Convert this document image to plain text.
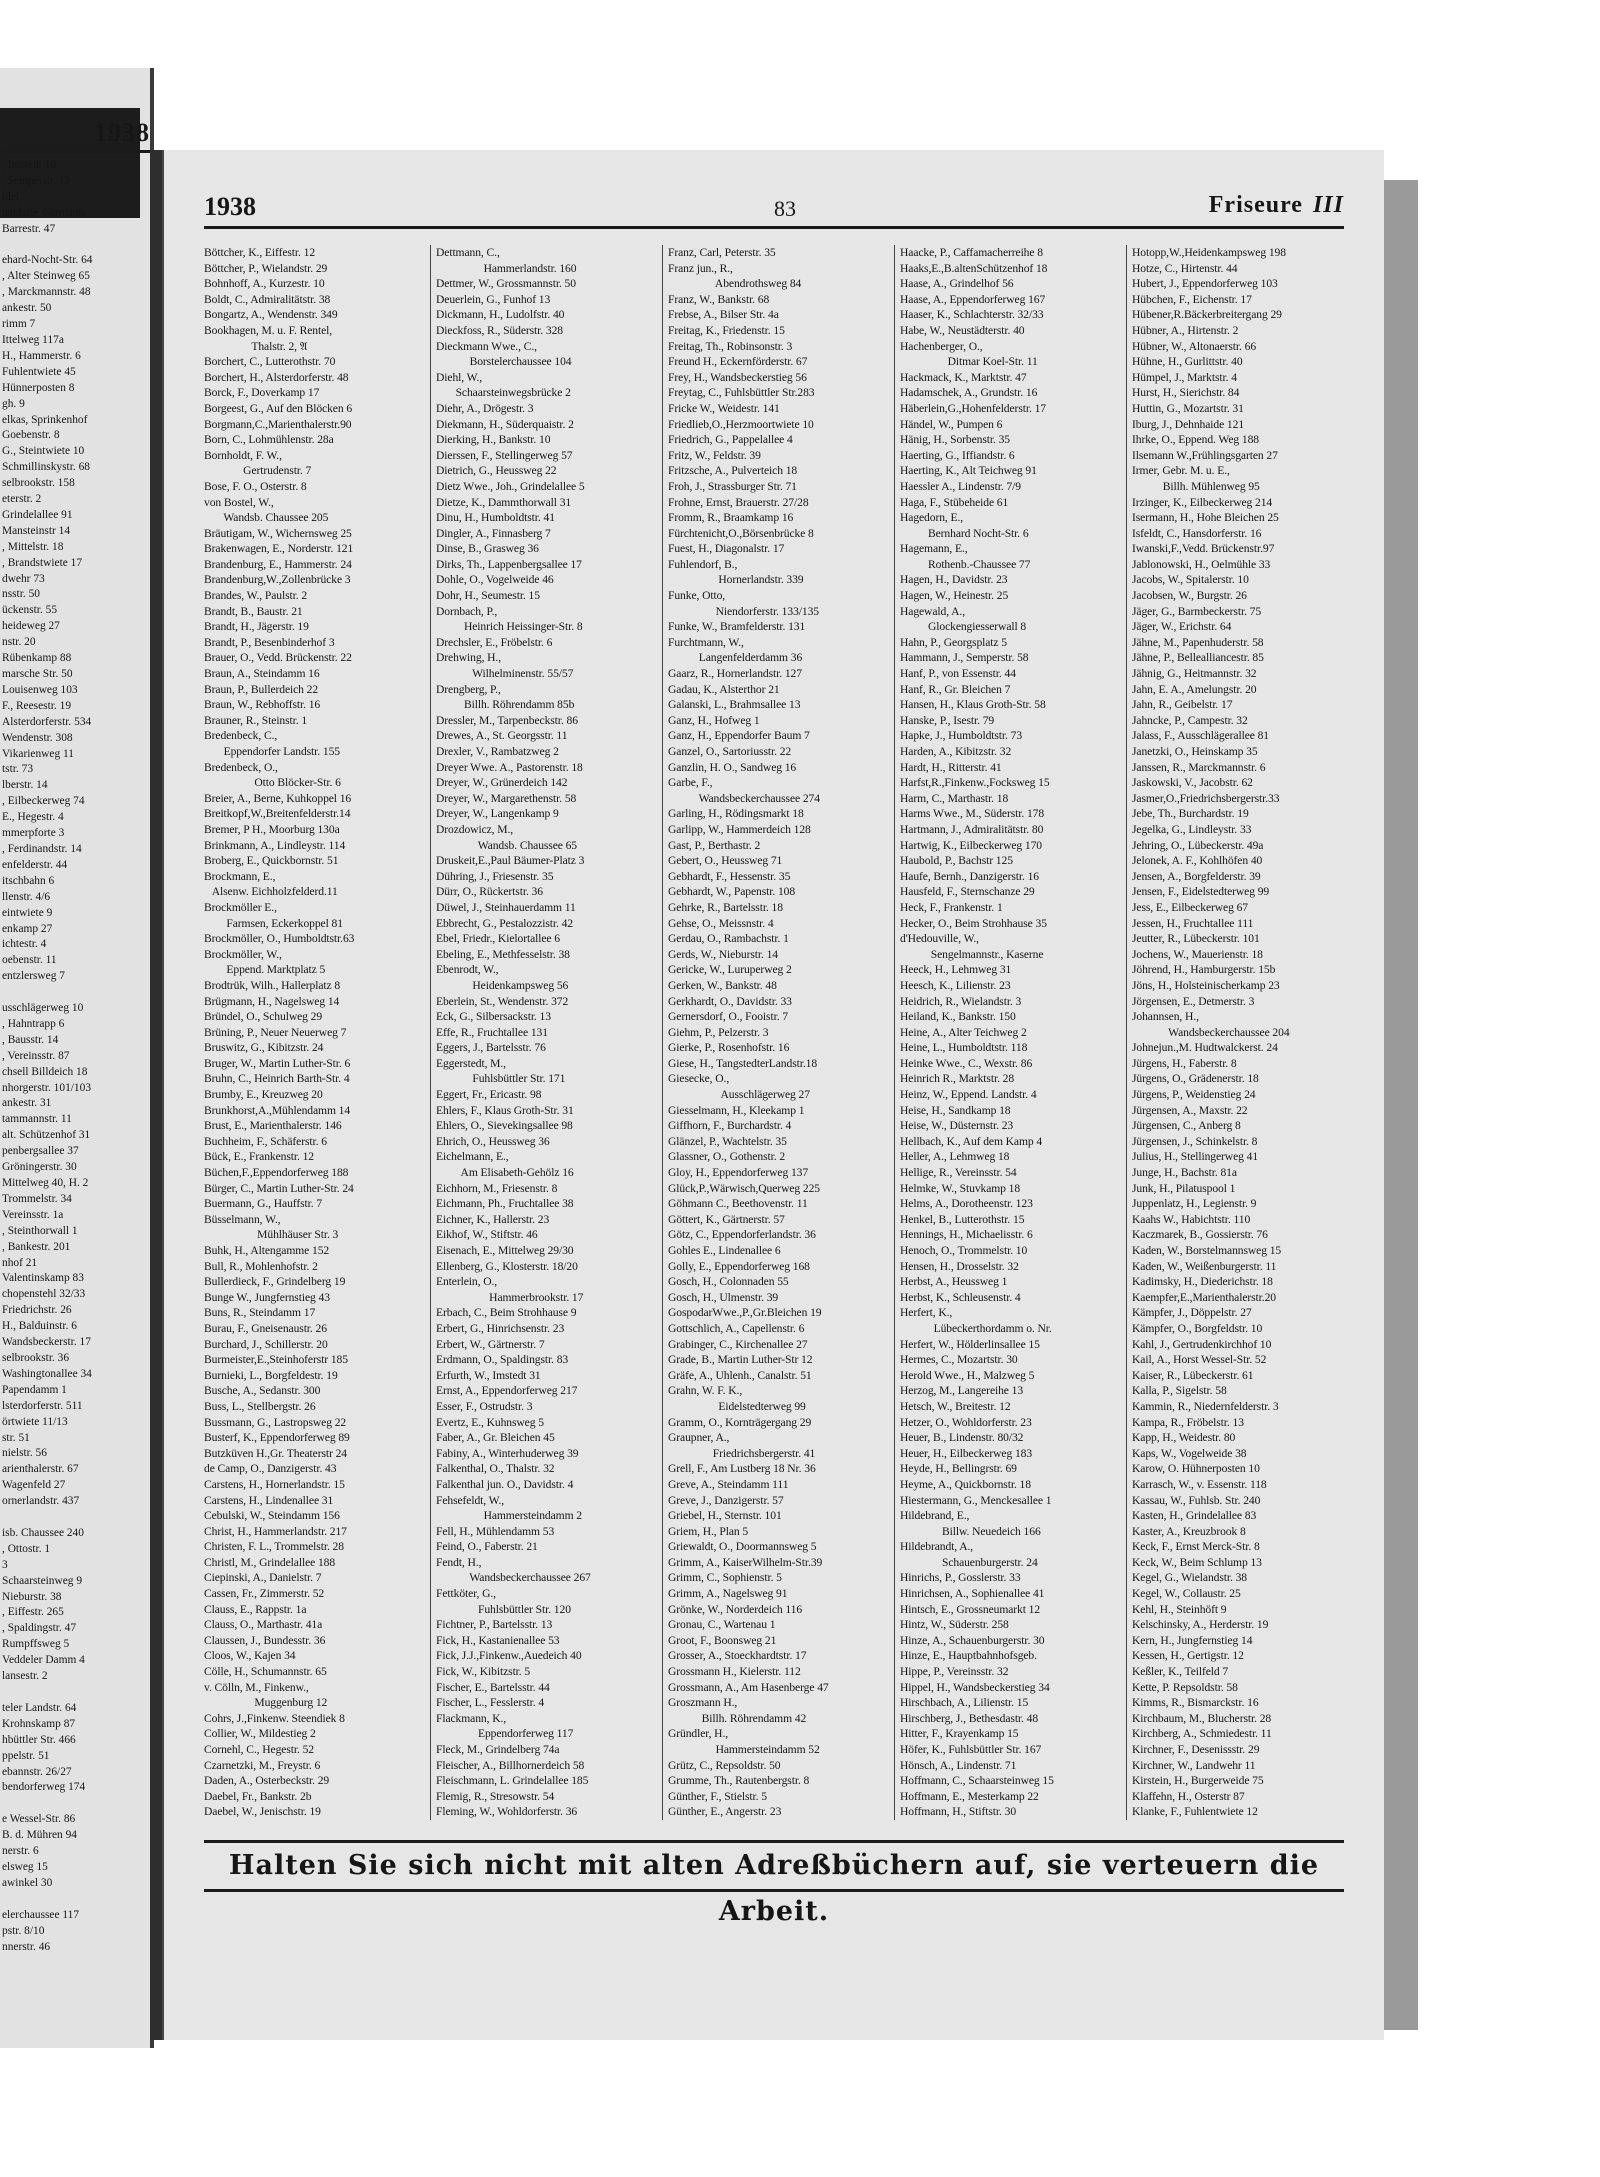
1938
, Imstedt 10
, Semperstr. 12
idel,
tandarte Germania
Barrestr. 47

ehard-Nocht-Str. 64
, Alter Steinweg 65
, Marckmannstr. 48
ankestr. 50
rimm 7
Ittelweg 117a
H., Hammerstr. 6
Fuhlentwiete 45
Hünnerposten 8
gh. 9
elkas, Sprinkenhof
Goebenstr. 8
G., Steintwiete 10
Schmillinskystr. 68
selbrookstr. 158
eterstr. 2
Grindelallee 91
Mansteinstr 14
, Mittelstr. 18
, Brandstwiete 17
dwehr 73
nsstr. 50
ückenstr. 55
heideweg 27
nstr. 20
Rübenkamp 88
marsche Str. 50
Louisenweg 103
F., Reesestr. 19
Alsterdorferstr. 534
Wendenstr. 308
Vikarienweg 11
tstr. 73
lberstr. 14
, Eilbeckerweg 74
E., Hegestr. 4
mmerpforte 3
, Ferdinandstr. 14
enfelderstr. 44
itschbahn 6
llenstr. 4/6
eintwiete 9
enkamp 27
ichtestr. 4
oebenstr. 11
entzlersweg 7

usschlägerweg 10
, Hahntrapp 6
, Bausstr. 14
, Vereinsstr. 87
chsell Billdeich 18
nhorgerstr. 101/103
ankestr. 31
tammannstr. 11
alt. Schützenhof 31
penbergsallee 37
Gröningerstr. 30
Mittelweg 40, H. 2
Trommelstr. 34
Vereinsstr. 1a
, Steinthorwall 1
, Bankestr. 201
nhof 21
Valentinskamp 83
chopenstehl 32/33
Friedrichstr. 26
H., Balduinstr. 6
Wandsbeckerstr. 17
selbrookstr. 36
Washingtonallee 34
Papendamm 1
lsterdorferstr. 511
örtwiete 11/13
str. 51
nielstr. 56
arienthalerstr. 67
Wagenfeld 27
ornerlandstr. 437

isb. Chaussee 240
, Ottostr. 1
3
Schaarsteinweg 9
Nieburstr. 38
, Eiffestr. 265
, Spaldingstr. 47
Rumpffsweg 5
Veddeler Damm 4
lansestr. 2

teler Landstr. 64
Krohnskamp 87
hbüttler Str. 466
ppelstr. 51
ebannstr. 26/27
bendorferweg 174

e Wessel-Str. 86
B. d. Mühren 94
nerstr. 6
elsweg 15
awinkel 30

elerchaussee 117
pstr. 8/10
nnerstr. 46
1938	83	Friseure III
Böttcher, K., Eiffestr. 12
Böttcher, P., Wielandstr. 29
Bohnhoff, A., Kurzestr. 10
Boldt, C., Admiralitätstr. 38
Bongartz, A., Wendenstr. 349
Bookhagen, M. u. F. Rentel,
Thalstr. 2, 𝔄
Borchert, C., Lutterothstr. 70
Borchert, H., Alsterdorferstr. 48
Borck, F., Doverkamp 17
Borgeest, G., Auf den Blöcken 6
Borgmann,C.,Marienthalerstr.90
Born, C., Lohmühlenstr. 28a
Bornholdt, F. W.,
Gertrudenstr. 7
Bose, F. O., Osterstr. 8
von Bostel, W.,
Wandsb. Chaussee 205
Bräutigam, W., Wichernsweg 25
Brakenwagen, E., Norderstr. 121
Brandenburg, E., Hammerstr. 24
Brandenburg,W.,Zollenbrücke 3
Brandes, W., Paulstr. 2
Brandt, B., Baustr. 21
Brandt, H., Jägerstr. 19
Brandt, P., Besenbinderhof 3
Brauer, O., Vedd. Brückenstr. 22
Braun, A., Steindamm 16
Braun, P., Bullerdeich 22
Braun, W., Rebhoffstr. 16
Brauner, R., Steinstr. 1
Bredenbeck, C.,
Eppendorfer Landstr. 155
Bredenbeck, O.,
Otto Blöcker-Str. 6
Breier, A., Berne, Kuhkoppel 16
Breitkopf,W.,Breitenfelderstr.14
Bremer, P H., Moorburg 130a
Brinkmann, A., Lindleystr. 114
Broberg, E., Quickbornstr. 51
Brockmann, E.,
Alsenw. Eichholzfelderd.11
Brockmöller E.,
Farmsen, Eckerkoppel 81
Brockmöller, O., Humboldtstr.63
Brockmöller, W.,
Eppend. Marktplatz 5
Brodtrük, Wilh., Hallerplatz 8
Brügmann, H., Nagelsweg 14
Bründel, O., Schulweg 29
Brüning, P., Neuer Neuerweg 7
Bruswitz, G., Kibitzstr. 24
Bruger, W., Martin Luther-Str. 6
Bruhn, C., Heinrich Barth-Str. 4
Brumby, E., Kreuzweg 20
Brunkhorst,A.,Mühlendamm 14
Brust, E., Marienthalerstr. 146
Buchheim, F., Schäferstr. 6
Bück, E., Frankenstr. 12
Büchen,F.,Eppendorferweg 188
Bürger, C., Martin Luther-Str. 24
Buermann, G., Hauffstr. 7
Büsselmann, W.,
Mühlhäuser Str. 3
Buhk, H., Altengamme 152
Bull, R., Mohlenhofstr. 2
Bullerdieck, F., Grindelberg 19
Bunge W., Jungfernstieg 43
Buns, R., Steindamm 17
Burau, F., Gneisenaustr. 26
Burchard, J., Schillerstr. 20
Burmeister,E.,Steinhoferstr 185
Burnieki, L., Borgfeldestr. 19
Busche, A., Sedanstr. 300
Buss, L., Stellbergstr. 26
Bussmann, G., Lastropsweg 22
Busterf, K., Eppendorferweg 89
Butzküven H.,Gr. Theaterstr 24
de Camp, O., Danzigerstr. 43
Carstens, H., Hornerlandstr. 15
Carstens, H., Lindenallee 31
Cebulski, W., Steindamm 156
Christ, H., Hammerlandstr. 217
Christen, F. L., Trommelstr. 28
Christl, M., Grindelallee 188
Ciepinski, A., Danielstr. 7
Cassen, Fr., Zimmerstr. 52
Clauss, E., Rappstr. 1a
Clauss, O., Marthastr. 41a
Claussen, J., Bundesstr. 36
Cloos, W., Kajen 34
Cölle, H., Schumannstr. 65
v. Cölln, M., Finkenw.,
Muggenburg 12
Cohrs, J.,Finkenw. Steendiek 8
Collier, W., Mildestieg 2
Cornehl, C., Hegestr. 52
Czarnetzki, M., Freystr. 6
Daden, A., Osterbeckstr. 29
Daebel, Fr., Bankstr. 2b
Daebel, W., Jenischstr. 19
Dettmann, C.,
Hammerlandstr. 160
Dettmer, W., Grossmannstr. 50
Deuerlein, G., Funhof 13
Dickmann, H., Ludolfstr. 40
Dieckfoss, R., Süderstr. 328
Dieckmann Wwe., C.,
Borstelerchaussee 104
Diehl, W.,
Schaarsteinwegsbrücke 2
Diehr, A., Drögestr. 3
Diekmann, H., Süderquaistr. 2
Dierking, H., Bankstr. 10
Dierssen, F., Stellingerweg 57
Dietrich, G., Heussweg 22
Dietz Wwe., Joh., Grindelallee 5
Dietze, K., Dammthorwall 31
Dinu, H., Humboldtstr. 41
Dingler, A., Finnasberg 7
Dinse, B., Grasweg 36
Dirks, Th., Lappenbergsallee 17
Dohle, O., Vogelweide 46
Dohr, H., Seumestr. 15
Dornbach, P.,
Heinrich Heissinger-Str. 8
Drechsler, E., Fröbelstr. 6
Drehwing, H.,
Wilhelminenstr. 55/57
Drengberg, P.,
Billh. Röhrendamm 85b
Dressler, M., Tarpenbeckstr. 86
Drewes, A., St. Georgsstr. 11
Drexler, V., Rambatzweg 2
Dreyer Wwe. A., Pastorenstr. 18
Dreyer, W., Grünerdeich 142
Dreyer, W., Margarethenstr. 58
Dreyer, W., Langenkamp 9
Drozdowicz, M.,
Wandsb. Chaussee 65
Druskeit,E.,Paul Bäumer-Platz 3
Dühring, J., Friesenstr. 35
Dürr, O., Rückertstr. 36
Düwel, J., Steinhauerdamm 11
Ebbrecht, G., Pestalozzistr. 42
Ebel, Friedr., Kielortallee 6
Ebeling, E., Methfesselstr. 38
Ebenrodt, W.,
Heidenkampsweg 56
Eberlein, St., Wendenstr. 372
Eck, G., Silbersackstr. 13
Effe, R., Fruchtallee 131
Eggers, J., Bartelsstr. 76
Eggerstedt, M.,
Fuhlsbüttler Str. 171
Eggert, Fr., Ericastr. 98
Ehlers, F., Klaus Groth-Str. 31
Ehlers, O., Sievekingsallee 98
Ehrich, O., Heussweg 36
Eichelmann, E.,
Am Elisabeth-Gehölz 16
Eichhorn, M., Friesenstr. 8
Eichmann, Ph., Fruchtallee 38
Eichner, K., Hallerstr. 23
Eikhof, W., Stiftstr. 46
Eisenach, E., Mittelweg 29/30
Ellenberg, G., Klosterstr. 18/20
Enterlein, O.,
Hammerbrookstr. 17
Erbach, C., Beim Strohhause 9
Erbert, G., Hinrichsenstr. 23
Erbert, W., Gärtnerstr. 7
Erdmann, O., Spaldingstr. 83
Erfurth, W., Imstedt 31
Ernst, A., Eppendorferweg 217
Esser, F., Ostrudstr. 3
Evertz, E., Kuhnsweg 5
Faber, A., Gr. Bleichen 45
Fabiny, A., Winterhuderweg 39
Falkenthal, O., Thalstr. 32
Falkenthal jun. O., Davidstr. 4
Fehsefeldt, W.,
Hammersteindamm 2
Fell, H., Mühlendamm 53
Feind, O., Faberstr. 21
Fendt, H.,
Wandsbeckerchaussee 267
Fettköter, G.,
Fuhlsbüttler Str. 120
Fichtner, P., Bartelsstr. 13
Fick, H., Kastanienallee 53
Fick, J.J.,Finkenw.,Auedeich 40
Fick, W., Kibitzstr. 5
Fischer, E., Bartelsstr. 44
Fischer, L., Fesslerstr. 4
Flackmann, K.,
Eppendorferweg 117
Fleck, M., Grindelberg 74a
Fleischer, A., Billhornerdeich 58
Fleischmann, L. Grindelallee 185
Flemig, R., Stresowstr. 54
Fleming, W., Wohldorferstr. 36
Franz, Carl, Peterstr. 35
Franz jun., R.,
Abendrothsweg 84
Franz, W., Bankstr. 68
Frebse, A., Bilser Str. 4a
Freitag, K., Friedenstr. 15
Freitag, Th., Robinsonstr. 3
Freund H., Eckernförderstr. 67
Frey, H., Wandsbeckerstieg 56
Freytag, C., Fuhlsbüttler Str.283
Fricke W., Weidestr. 141
Friedlieb,O.,Herzmoortwiete 10
Friedrich, G., Pappelallee 4
Fritz, W., Feldstr. 39
Fritzsche, A., Pulverteich 18
Froh, J., Strassburger Str. 71
Frohne, Ernst, Brauerstr. 27/28
Fromm, R., Braamkamp 16
Fürchtenicht,O.,Börsenbrücke 8
Fuest, H., Diagonalstr. 17
Fuhlendorf, B.,
Hornerlandstr. 339
Funke, Otto,
Niendorferstr. 133/135
Funke, W., Bramfelderstr. 131
Furchtmann, W.,
Langenfelderdamm 36
Gaarz, R., Hornerlandstr. 127
Gadau, K., Alsterthor 21
Galanski, L., Brahmsallee 13
Ganz, H., Hofweg 1
Ganz, H., Eppendorfer Baum 7
Ganzel, O., Sartoriusstr. 22
Ganzlin, H. O., Sandweg 16
Garbe, F.,
Wandsbeckerchaussee 274
Garling, H., Rödingsmarkt 18
Garlipp, W., Hammerdeich 128
Gast, P., Berthastr. 2
Gebert, O., Heussweg 71
Gebhardt, F., Hessenstr. 35
Gebhardt, W., Papenstr. 108
Gehrke, R., Bartelsstr. 18
Gehse, O., Meissnstr. 4
Gerdau, O., Rambachstr. 1
Gerds, W., Nieburstr. 14
Gericke, W., Luruperweg 2
Gerken, W., Bankstr. 48
Gerkhardt, O., Davidstr. 33
Gernersdorf, O., Fooistr. 7
Giehm, P., Pelzerstr. 3
Gierke, P., Rosenhofstr. 16
Giese, H., TangstedterLandstr.18
Giesecke, O.,
Ausschlägerweg 27
Giesselmann, H., Kleekamp 1
Giffhorn, F., Burchardstr. 4
Glänzel, P., Wachtelstr. 35
Glassner, O., Gothenstr. 2
Gloy, H., Eppendorferweg 137
Glück,P.,Wärwisch,Querweg 225
Göhmann C., Beethovenstr. 11
Göttert, K., Gärtnerstr. 57
Götz, C., Eppendorferlandstr. 36
Gohles E., Lindenallee 6
Golly, E., Eppendorferweg 168
Gosch, H., Colonnaden 55
Gosch, H., Ulmenstr. 39
GospodarWwe.,P.,Gr.Bleichen 19
Gottschlich, A., Capellenstr. 6
Grabinger, C., Kirchenallee 27
Grade, B., Martin Luther-Str 12
Gräfe, A., Uhlenh., Canalstr. 51
Grahn, W. F. K.,
Eidelstedterweg 99
Gramm, O., Kornträgergang 29
Graupner, A.,
Friedrichsbergerstr. 41
Grell, F., Am Lustberg 18 Nr. 36
Greve, A., Steindamm 111
Greve, J., Danzigerstr. 57
Griebel, H., Sternstr. 101
Griem, H., Plan 5
Griewaldt, O., Doormannsweg 5
Grimm, A., KaiserWilhelm-Str.39
Grimm, C., Sophienstr. 5
Grimm, A., Nagelsweg 91
Grönke, W., Norderdeich 116
Gronau, C., Wartenau 1
Groot, F., Boonsweg 21
Grosser, A., Stoeckhardtstr. 17
Grossmann H., Kielerstr. 112
Grossmann, A., Am Hasenberge 47
Groszmann H.,
Billh. Röhrendamm 42
Gründler, H.,
Hammersteindamm 52
Grütz, C., Repsoldstr. 50
Grumme, Th., Rautenbergstr. 8
Günther, F., Stielstr. 5
Günther, E., Angerstr. 23
Haacke, P., Caffamacherreihe 8
Haaks,E.,B.altenSchützenhof 18
Haase, A., Grindelhof 56
Haase, A., Eppendorferweg 167
Haaser, K., Schlachterstr. 32/33
Habe, W., Neustädterstr. 40
Hachenberger, O.,
Ditmar Koel-Str. 11
Hackmack, K., Marktstr. 47
Hadamschek, A., Grundstr. 16
Häberlein,G.,Hohenfelderstr. 17
Händel, W., Pumpen 6
Hänig, H., Sorbenstr. 35
Haerting, G., Iffiandstr. 6
Haerting, K., Alt Teichweg 91
Haessler A., Lindenstr. 7/9
Haga, F., Stübeheide 61
Hagedorn, E.,
Bernhard Nocht-Str. 6
Hagemann, E.,
Rothenb.-Chaussee 77
Hagen, H., Davidstr. 23
Hagen, W., Heinestr. 25
Hagewald, A.,
Glockengiesserwall 8
Hahn, P., Georgsplatz 5
Hammann, J., Semperstr. 58
Hanf, P., von Essenstr. 44
Hanf, R., Gr. Bleichen 7
Hansen, H., Klaus Groth-Str. 58
Hanske, P., Isestr. 79
Hapke, J., Humboldtstr. 73
Harden, A., Kibitzstr. 32
Hardt, H., Ritterstr. 41
Harfst,R.,Finkenw.,Focksweg 15
Harm, C., Marthastr. 18
Harms Wwe., M., Süderstr. 178
Hartmann, J., Admiralitätstr. 80
Hartwig, K., Eilbeckerweg 170
Haubold, P., Bachstr 125
Haufe, Bernh., Danzigerstr. 16
Hausfeld, F., Sternschanze 29
Heck, F., Frankenstr. 1
Hecker, O., Beim Strohhause 35
d'Hedouville, W.,
Sengelmannstr., Kaserne
Heeck, H., Lehmweg 31
Heesch, K., Lilienstr. 23
Heidrich, R., Wielandstr. 3
Heiland, K., Bankstr. 150
Heine, A., Alter Teichweg 2
Heine, L., Humboldtstr. 118
Heinke Wwe., C., Wexstr. 86
Heinrich R., Marktstr. 28
Heinz, W., Eppend. Landstr. 4
Heise, H., Sandkamp 18
Heise, W., Düsternstr. 23
Hellbach, K., Auf dem Kamp 4
Heller, A., Lehmweg 18
Hellige, R., Vereinsstr. 54
Helmke, W., Stuvkamp 18
Helms, A., Dorotheenstr. 123
Henkel, B., Lutterothstr. 15
Hennings, H., Michaelisstr. 6
Henoch, O., Trommelstr. 10
Hensen, H., Drosselstr. 32
Herbst, A., Heussweg 1
Herbst, K., Schleusenstr. 4
Herfert, K.,
Lübeckerthordamm o. Nr.
Herfert, W., Hölderlinsallee 15
Hermes, C., Mozartstr. 30
Herold Wwe., H., Malzweg 5
Herzog, M., Langereihe 13
Hetsch, W., Breitestr. 12
Hetzer, O., Wohldorferstr. 23
Heuer, B., Lindenstr. 80/32
Heuer, H., Eilbeckerweg 183
Heyde, H., Bellingrstr. 69
Heyme, A., Quickbornstr. 18
Hiestermann, G., Menckesallee 1
Hildebrand, E.,
Billw. Neuedeich 166
Hildebrandt, A.,
Schauenburgerstr. 24
Hinrichs, P., Gosslerstr. 33
Hinrichsen, A., Sophienallee 41
Hintsch, E., Grossneumarkt 12
Hintz, W., Süderstr. 258
Hinze, A., Schauenburgerstr. 30
Hinze, E., Hauptbahnhofsgeb.
Hippe, P., Vereinsstr. 32
Hippel, H., Wandsbeckerstieg 34
Hirschbach, A., Lilienstr. 15
Hirschberg, J., Bethesdastr. 48
Hitter, F., Krayenkamp 15
Höfer, K., Fuhlsbüttler Str. 167
Hönsch, A., Lindenstr. 71
Hoffmann, C., Schaarsteinweg 15
Hoffmann, E., Mesterkamp 22
Hoffmann, H., Stiftstr. 30
Hotopp,W.,Heidenkampsweg 198
Hotze, C., Hirtenstr. 44
Hubert, J., Eppendorferweg 103
Hübchen, F., Eichenstr. 17
Hübener,R.Bäckerbreitergang 29
Hübner, A., Hirtenstr. 2
Hübner, W., Altonaerstr. 66
Hühne, H., Gurlittstr. 40
Hümpel, J., Marktstr. 4
Hurst, H., Sierichstr. 84
Huttin, G., Mozartstr. 31
Iburg, J., Dehnhaide 121
Ihrke, O., Eppend. Weg 188
Ilsemann W.,Frühlingsgarten 27
Irmer, Gebr. M. u. E.,
Billh. Mühlenweg 95
Irzinger, K., Eilbeckerweg 214
Isermann, H., Hohe Bleichen 25
Isfeldt, C., Hansdorferstr. 16
Iwanski,F.,Vedd. Brückenstr.97
Jablonowski, H., Oelmühle 33
Jacobs, W., Spitalerstr. 10
Jacobsen, W., Burgstr. 26
Jäger, G., Barmbeckerstr. 75
Jäger, W., Erichstr. 64
Jähne, M., Papenhuderstr. 58
Jähne, P., Bellealliancestr. 85
Jähnig, G., Heitmannstr. 32
Jahn, E. A., Amelungstr. 20
Jahn, R., Geibelstr. 17
Jahncke, P., Campestr. 32
Jalass, F., Ausschlägerallee 81
Janetzki, O., Heinskamp 35
Janssen, R., Marckmannstr. 6
Jaskowski, V., Jacobstr. 62
Jasmer,O.,Friedrichsbergerstr.33
Jebe, Th., Burchardstr. 19
Jegelka, G., Lindleystr. 33
Jehring, O., Lübeckerstr. 49a
Jelonek, A. F., Kohlhöfen 40
Jensen, A., Borgfelderstr. 39
Jensen, F., Eidelstedterweg 99
Jess, E., Eilbeckerweg 67
Jessen, H., Fruchtallee 111
Jeutter, R., Lübeckerstr. 101
Jochens, W., Mauerienstr. 18
Jöhrend, H., Hamburgerstr. 15b
Jöns, H., Holsteinischerkamp 23
Jörgensen, E., Detmerstr. 3
Johannsen, H.,
Wandsbeckerchaussee 204
Johnejun.,M. Hudtwalckerst. 24
Jürgens, H., Faberstr. 8
Jürgens, O., Grädenerstr. 18
Jürgens, P., Weidenstieg 24
Jürgensen, A., Maxstr. 22
Jürgensen, C., Anberg 8
Jürgensen, J., Schinkelstr. 8
Julius, H., Stellingerweg 41
Junge, H., Bachstr. 81a
Junk, H., Pilatuspool 1
Juppenlatz, H., Legienstr. 9
Kaahs W., Habichtstr. 110
Kaczmarek, B., Gossierstr. 76
Kaden, W., Borstelmannsweg 15
Kaden, W., Weißenburgerstr. 11
Kadimsky, H., Diederichstr. 18
Kaempfer,E.,Marienthalerstr.20
Kämpfer, J., Döppelstr. 27
Kämpfer, O., Borgfeldstr. 10
Kahl, J., Gertrudenkirchhof 10
Kail, A., Horst Wessel-Str. 52
Kaiser, R., Lübeckerstr. 61
Kalla, P., Sigelstr. 58
Kammin, R., Niedernfelderstr. 3
Kampa, R., Fröbelstr. 13
Kapp, H., Weidestr. 80
Kaps, W., Vogelweide 38
Karow, O. Hühnerposten 10
Karrasch, W., v. Essenstr. 118
Kassau, W., Fuhlsb. Str. 240
Kasten, H., Grindelallee 83
Kaster, A., Kreuzbrook 8
Keck, F., Ernst Merck-Str. 8
Keck, W., Beim Schlump 13
Kegel, G., Wielandstr. 38
Kegel, W., Collaustr. 25
Kehl, H., Steinhöft 9
Kelschinsky, A., Herderstr. 19
Kern, H., Jungfernstieg 14
Kessen, H., Gertigstr. 12
Keßler, K., Teilfeld 7
Kette, P. Repsoldstr. 58
Kimms, R., Bismarckstr. 16
Kirchbaum, M., Blucherstr. 28
Kirchberg, A., Schmiedestr. 11
Kirchner, F., Desenissstr. 29
Kirchner, W., Landwehr 11
Kirstein, H., Burgerweide 75
Klaffehn, H., Osterstr 87
Klanke, F., Fuhlentwiete 12
Halten Sie sich nicht mit alten Adreßbüchern auf, sie verteuern die Arbeit.
